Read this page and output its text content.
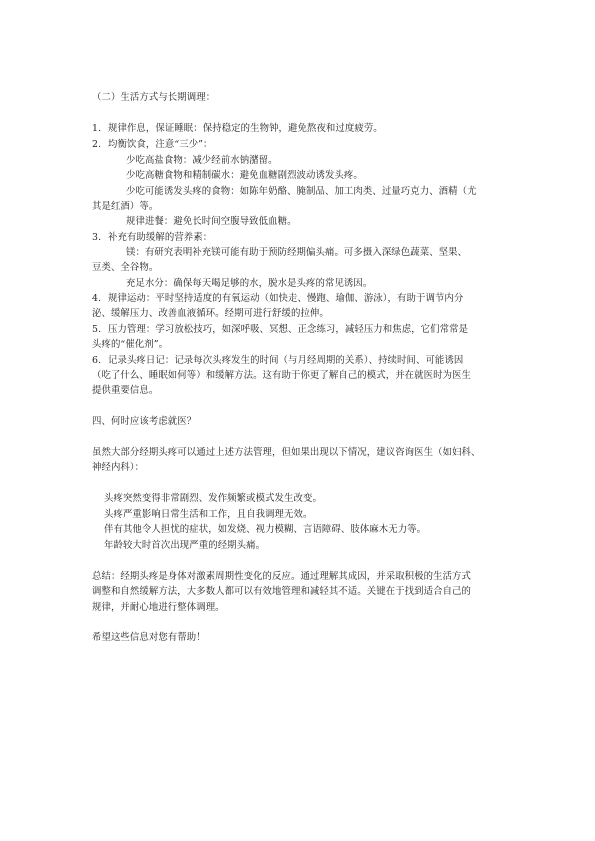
（二）生活方式与长期调理：
1. 规律作息，保证睡眠：保持稳定的生物钟，避免熬夜和过度疲劳。
2. 均衡饮食，注意“三少”：
少吃高盐食物：减少经前水钠潴留。
少吃高糖食物和精制碳水：避免血糖剧烈波动诱发头疼。
少吃可能诱发头疼的食物：如陈年奶酪、腌制品、加工肉类、过量巧克力、酒精（尤
其是红酒）等。
规律进餐：避免长时间空腹导致低血糖。
3. 补充有助缓解的营养素：
镁：有研究表明补充镁可能有助于预防经期偏头痛。可多摄入深绿色蔬菜、坚果、
豆类、全谷物。
充足水分：确保每天喝足够的水，脱水是头疼的常见诱因。
4. 规律运动：平时坚持适度的有氧运动（如快走、慢跑、瑜伽、游泳），有助于调节内分
泌、缓解压力、改善血液循环。经期可进行舒缓的拉伸。
5. 压力管理：学习放松技巧，如深呼吸、冥想、正念练习，减轻压力和焦虑，它们常常是
头疼的“催化剂”。
6. 记录头疼日记：记录每次头疼发生的时间（与月经周期的关系）、持续时间、可能诱因
（吃了什么、睡眠如何等）和缓解方法。这有助于你更了解自己的模式，并在就医时为医生
提供重要信息。
四、何时应该考虑就医？
虽然大部分经期头疼可以通过上述方法管理，但如果出现以下情况，建议咨询医生（如妇科、
神经内科）：
头疼突然变得非常剧烈、发作频繁或模式发生改变。
头疼严重影响日常生活和工作，且自我调理无效。
伴有其他令人担忧的症状，如发烧、视力模糊、言语障碍、肢体麻木无力等。
年龄较大时首次出现严重的经期头痛。
总结：经期头疼是身体对激素周期性变化的反应。通过理解其成因，并采取积极的生活方式
调整和自然缓解方法，大多数人都可以有效地管理和减轻其不适。关键在于找到适合自己的
规律，并耐心地进行整体调理。
希望这些信息对您有帮助！
